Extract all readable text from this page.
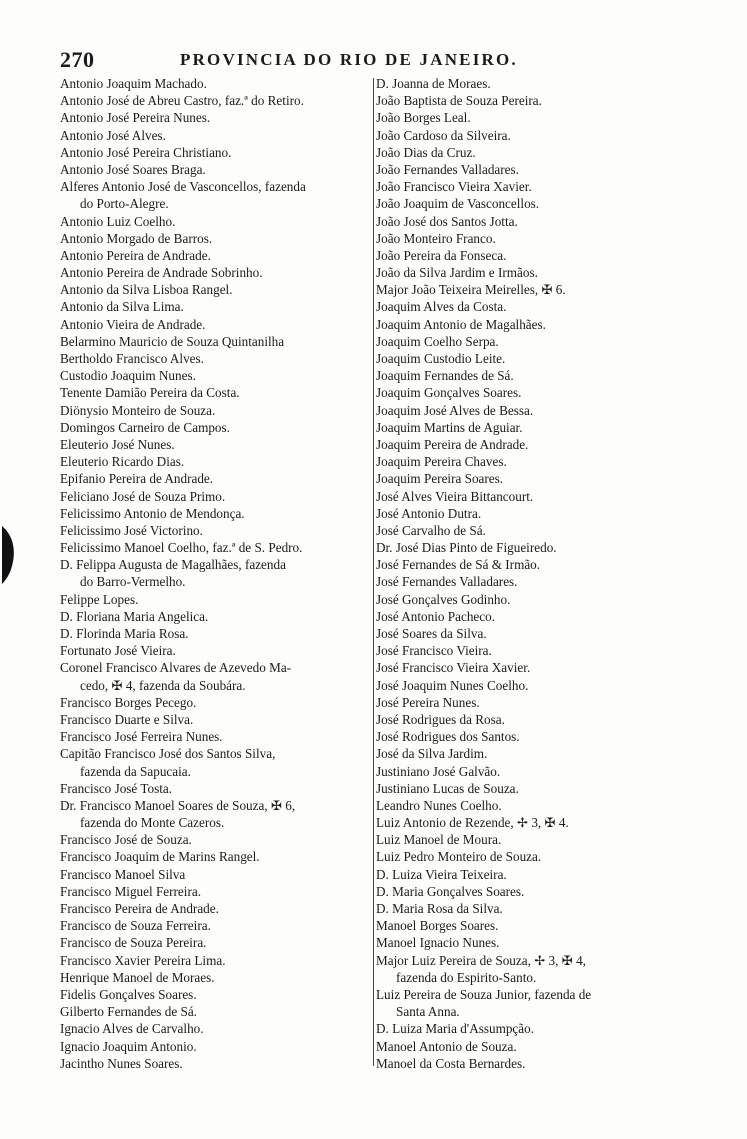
270	PROVINCIA DO RIO DE JANEIRO.
Antonio Joaquim Machado.
Antonio José de Abreu Castro, faz.ª do Retiro.
Antonio José Pereira Nunes.
Antonio José Alves.
Antonio José Pereira Christiano.
Antonio José Soares Braga.
Alferes Antonio José de Vasconcellos, fazenda
do Porto-Alegre.
Antonio Luiz Coelho.
Antonio Morgado de Barros.
Antonio Pereira de Andrade.
Antonio Pereira de Andrade Sobrinho.
Antonio da Silva Lisboa Rangel.
Antonio da Silva Lima.
Antonio Vieira de Andrade.
Belarmino Mauricio de Souza Quintanilha
Bertholdo Francisco Alves.
Custodio Joaquim Nunes.
Tenente Damião Pereira da Costa.
Diönysio Monteiro de Souza.
Domingos Carneiro de Campos.
Eleuterio José Nunes.
Eleuterio Ricardo Dias.
Epifanio Pereira de Andrade.
Feliciano José de Souza Primo.
Felicissimo Antonio de Mendonça.
Felicissimo José Victorino.
Felicissimo Manoel Coelho, faz.ª de S. Pedro.
D. Felippa Augusta de Magalhães, fazenda
do Barro-Vermelho.
Felippe Lopes.
D. Floriana Maria Angelica.
D. Florinda Maria Rosa.
Fortunato José Vieira.
Coronel Francisco Alvares de Azevedo Ma-
cedo, ✠ 4, fazenda da Soubára.
Francisco Borges Pecego.
Francisco Duarte e Silva.
Francisco José Ferreira Nunes.
Capitão Francisco José dos Santos Silva,
fazenda da Sapucaia.
Francisco José Tosta.
Dr. Francisco Manoel Soares de Souza, ✠ 6,
fazenda do Monte Cazeros.
Francisco José de Souza.
Francisco Joaquim de Marins Rangel.
Francisco Manoel Silva
Francisco Miguel Ferreira.
Francisco Pereira de Andrade.
Francisco de Souza Ferreira.
Francisco de Souza Pereira.
Francisco Xavier Pereira Lima.
Henrique Manoel de Moraes.
Fidelis Gonçalves Soares.
Gilberto Fernandes de Sá.
Ignacio Alves de Carvalho.
Ignacio Joaquim Antonio.
Jacintho Nunes Soares.
D. Joanna de Moraes.
João Baptista de Souza Pereira.
João Borges Leal.
João Cardoso da Silveira.
João Dias da Cruz.
João Fernandes Valladares.
João Francisco Vieira Xavier.
João Joaquim de Vasconcellos.
João José dos Santos Jotta.
João Monteiro Franco.
João Pereira da Fonseca.
João da Silva Jardim e Irmãos.
Major João Teixeira Meirelles, ✠ 6.
Joaquim Alves da Costa.
Joaquim Antonio de Magalhães.
Joaquim Coelho Serpa.
Joaquim Custodio Leite.
Joaquim Fernandes de Sá.
Joaquim Gonçalves Soares.
Joaquim José Alves de Bessa.
Joaquim Martins de Aguiar.
Joaquim Pereira de Andrade.
Joaquim Pereira Chaves.
Joaquim Pereira Soares.
José Alves Vieira Bittancourt.
José Antonio Dutra.
José Carvalho de Sá.
Dr. José Dias Pinto de Figueiredo.
José Fernandes de Sá & Irmão.
José Fernandes Valladares.
José Gonçalves Godinho.
José Antonio Pacheco.
José Soares da Silva.
José Francisco Vieira.
José Francisco Vieira Xavier.
José Joaquim Nunes Coelho.
José Pereira Nunes.
José Rodrigues da Rosa.
José Rodrigues dos Santos.
José da Silva Jardim.
Justiniano José Galvão.
Justiniano Lucas de Souza.
Leandro Nunes Coelho.
Luiz Antonio de Rezende, ✢ 3, ✠ 4.
Luiz Manoel de Moura.
Luiz Pedro Monteiro de Souza.
D. Luiza Vieira Teixeira.
D. Maria Gonçalves Soares.
D. Maria Rosa da Silva.
Manoel Borges Soares.
Manoel Ignacio Nunes.
Major Luiz Pereira de Souza, ✢ 3, ✠ 4,
fazenda do Espirito-Santo.
Luiz Pereira de Souza Junior, fazenda de
Santa Anna.
D. Luiza Maria d'Assumpção.
Manoel Antonio de Souza.
Manoel da Costa Bernardes.
